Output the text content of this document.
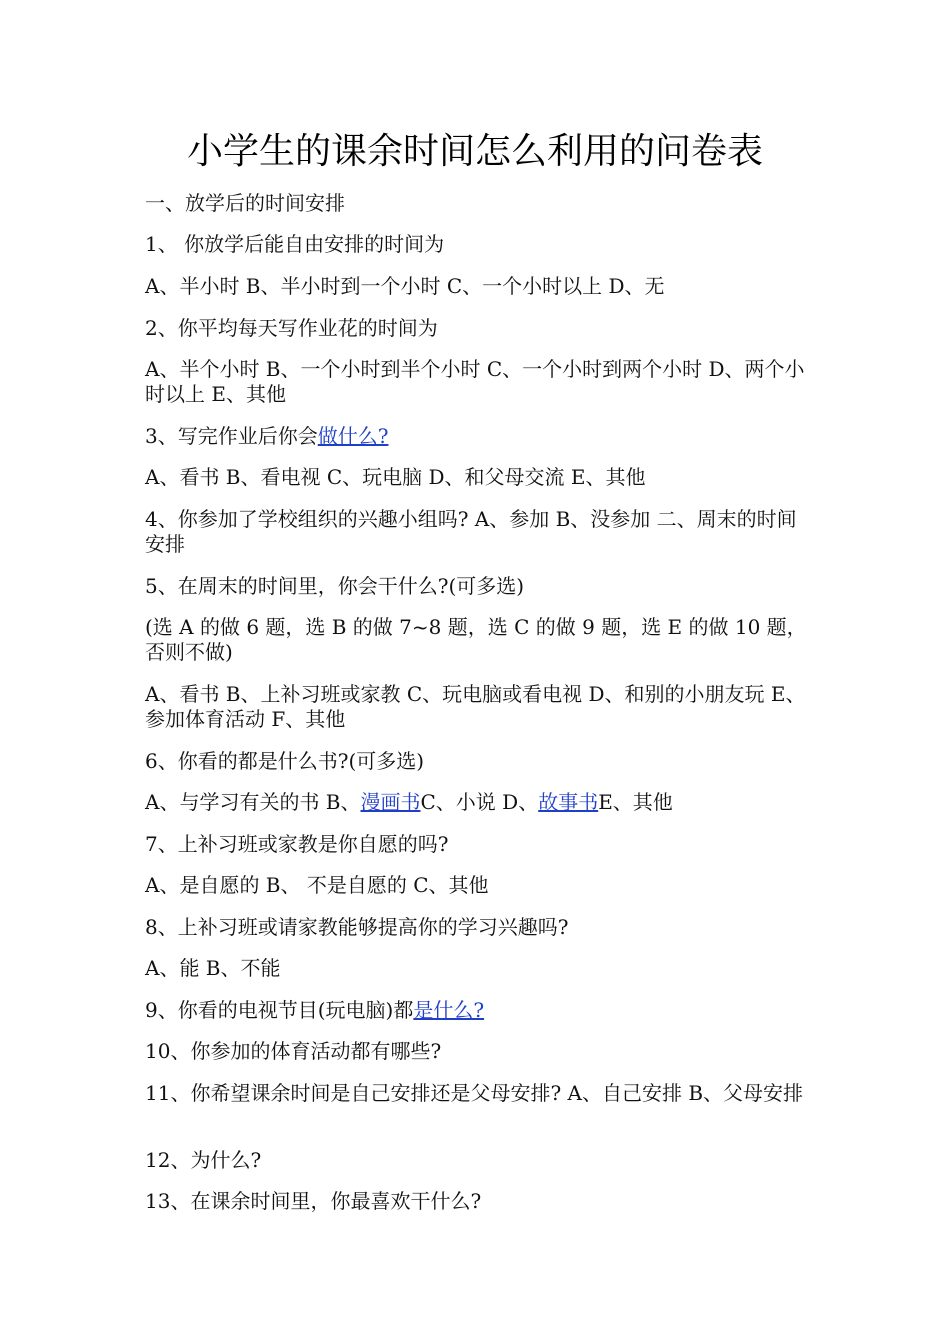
小学生的课余时间怎么利用的问卷表

一、放学后的时间安排

1、 你放学后能自由安排的时间为

A、半小时 B、半小时到一个小时 C、一个小时以上 D、无

2、你平均每天写作业花的时间为

A、半个小时 B、一个小时到半个小时 C、一个小时到两个小时 D、两个小时以上 E、其他

3、写完作业后你会做什么?

A、看书 B、看电视 C、玩电脑 D、和父母交流 E、其他

4、你参加了学校组织的兴趣小组吗? A、参加 B、没参加 二、周末的时间安排

5、在周末的时间里，你会干什么?(可多选)

(选 A 的做 6 题，选 B 的做 7~8 题，选 C 的做 9 题，选 E 的做 10 题，否则不做)

A、看书 B、上补习班或家教 C、玩电脑或看电视 D、和别的小朋友玩 E、参加体育活动 F、其他

6、你看的都是什么书?(可多选)

A、与学习有关的书 B、漫画书C、小说 D、故事书E、其他

7、上补习班或家教是你自愿的吗?

A、是自愿的 B、 不是自愿的 C、其他

8、上补习班或请家教能够提高你的学习兴趣吗?

A、能 B、不能

9、你看的电视节目(玩电脑)都是什么?

10、你参加的体育活动都有哪些?

11、你希望课余时间是自己安排还是父母安排? A、自己安排 B、父母安排

12、为什么?

13、在课余时间里，你最喜欢干什么?
